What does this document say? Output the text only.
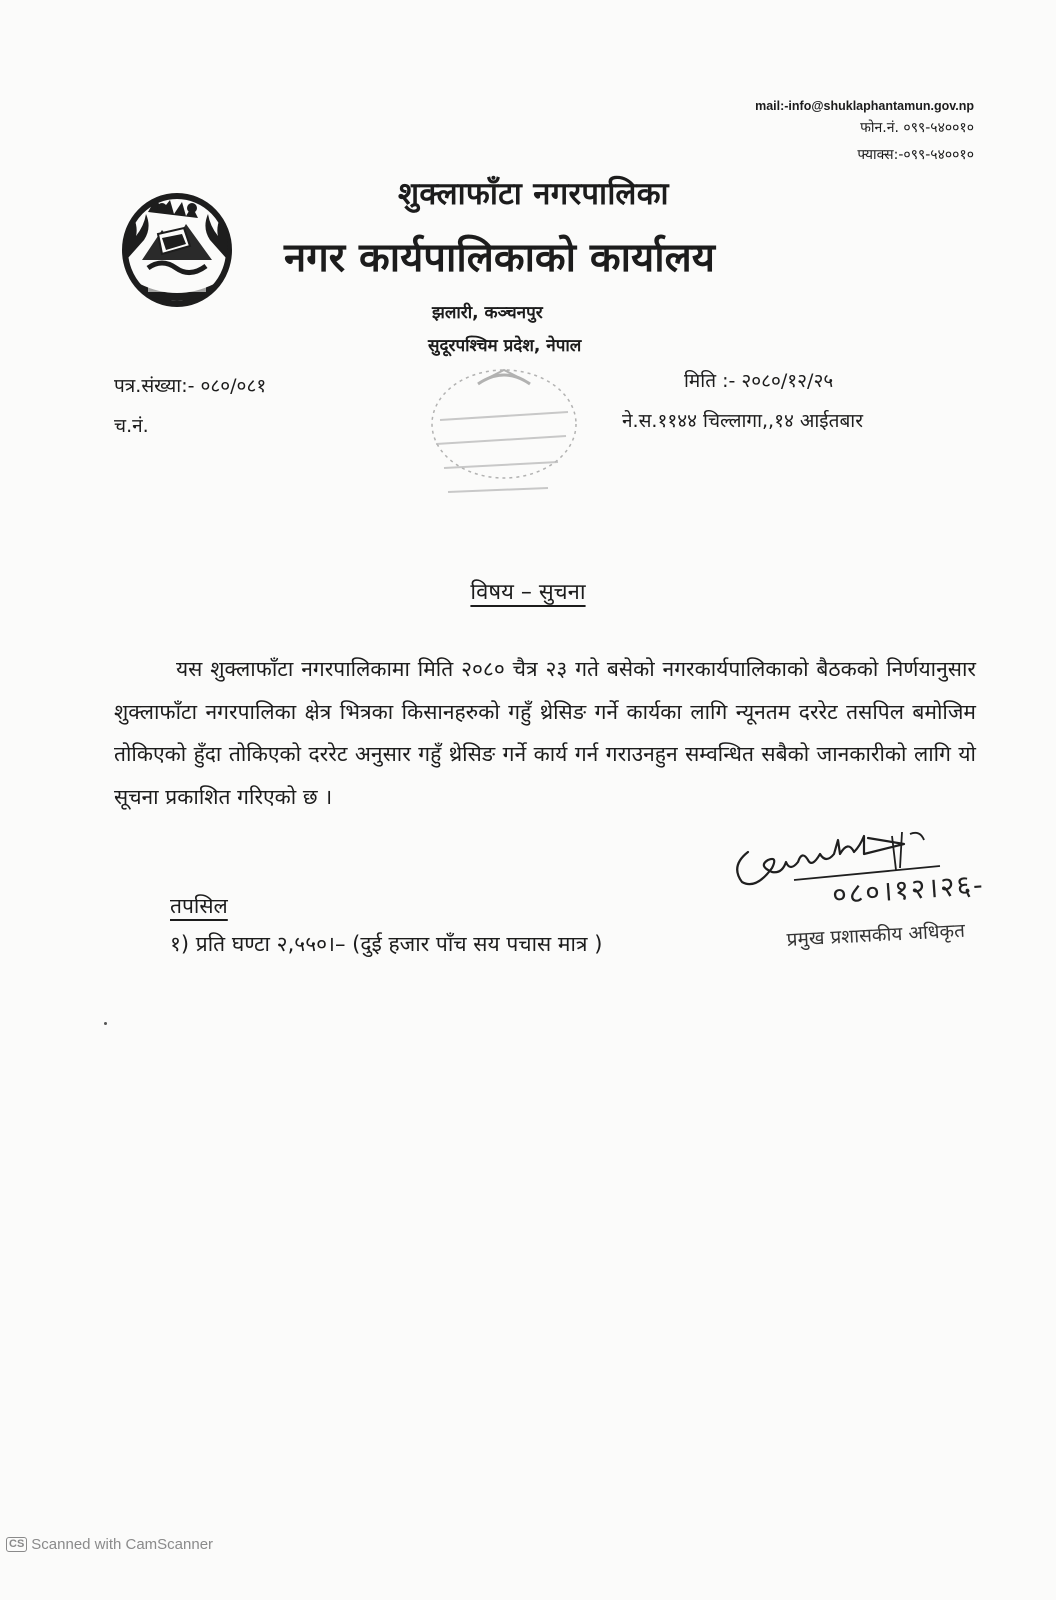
mail:-info@shuklaphantamun.gov.np
फोन.नं. ०९९-५४००१०
फ्याक्स:-०९९-५४००१०
शुक्लाफाँटा नगरपालिका
नगर कार्यपालिकाको कार्यालय
झलारी, कञ्चनपुर
सुदूरपश्चिम प्रदेश, नेपाल
पत्र.संख्या:- ०८०/०८१
च.नं.
मिति :- २०८०/१२/२५
ने.स.११४४ चिल्लागा,,१४ आईतबार
विषय – सुचना
यस शुक्लाफाँटा नगरपालिकामा मिति २०८० चैत्र २३ गते बसेको नगरकार्यपालिकाको बैठकको निर्णयानुसार शुक्लाफाँटा नगरपालिका क्षेत्र भित्रका किसानहरुको गहुँ थ्रेसिङ गर्ने कार्यका लागि न्यूनतम दररेट तसपिल बमोजिम तोकिएको हुँदा तोकिएको दररेट अनुसार गहुँ थ्रेसिङ गर्ने कार्य गर्न गराउनहुन सम्वन्धित सबैको जानकारीको लागि यो सूचना प्रकाशित गरिएको छ ।
०८०।१२।२६-
प्रमुख प्रशासकीय अधिकृत
तपसिल
१) प्रति घण्टा २,५५०।– (दुई हजार पाँच सय पचास मात्र )
CS Scanned with CamScanner
